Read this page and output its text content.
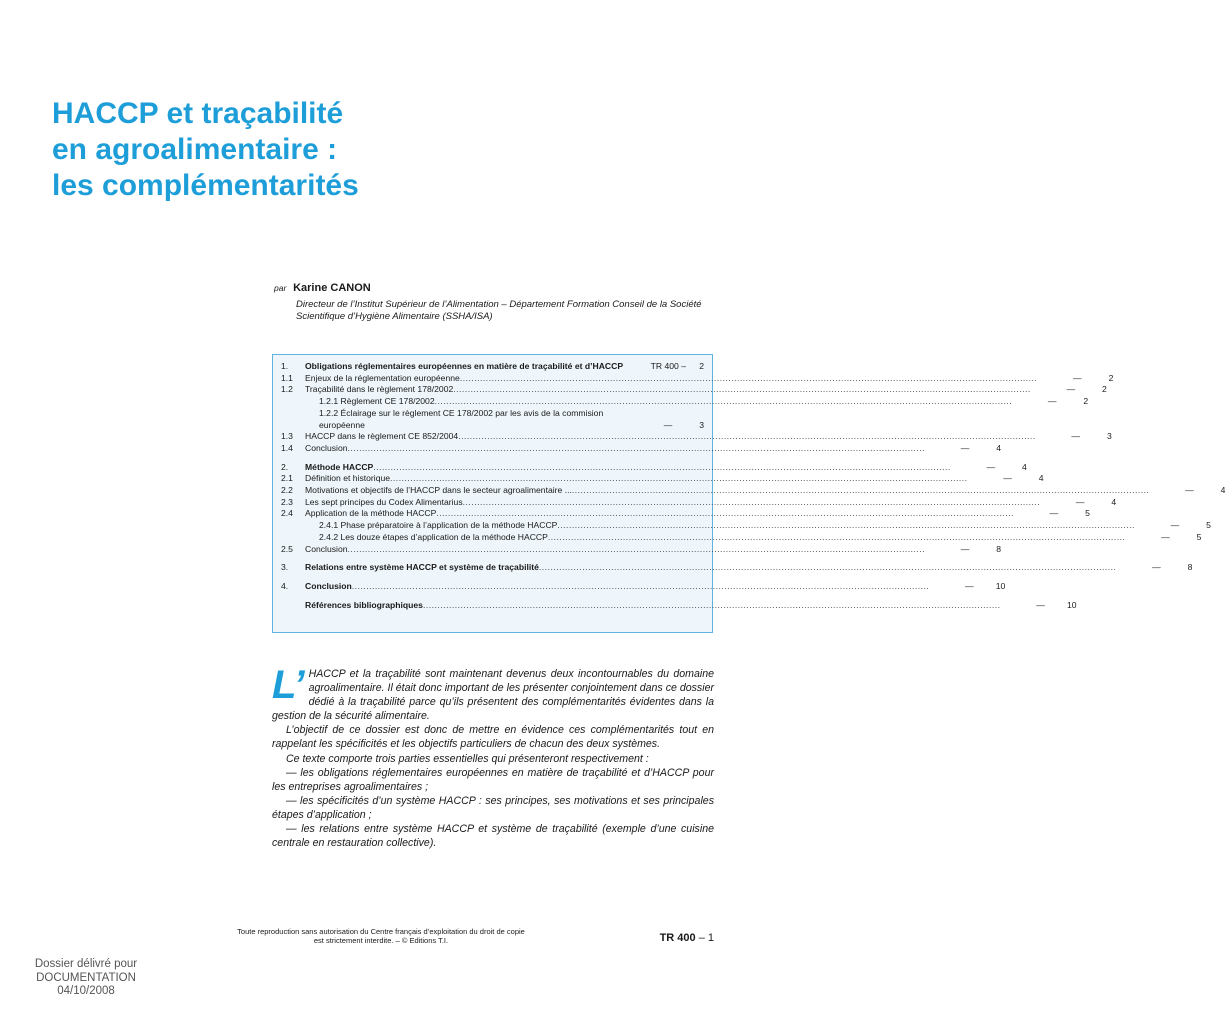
HACCP et traçabilité
en agroalimentaire :
les complémentarités
par Karine CANON
Directeur de l’Institut Supérieur de l’Alimentation – Département Formation Conseil de la Société Scientifique d’Hygiène Alimentaire (SSHA/ISA)
1.	Obligations réglementaires européennes en matière de traçabilité et d’HACCP	TR 400 – 2
1.1	Enjeux de la réglementation européenne ........................................................................................................................................................................................................	—	2
1.2	Traçabilité dans le règlement 178/2002 ........................................................................................................................................................................................................	—	2
1.2.1 Règlement CE 178/2002 ........................................................................................................................................................................................................	—	2
1.2.2 Éclairage sur le règlement CE 178/2002 par les avis de la commision européenne	—	3
1.3	HACCP dans le règlement CE 852/2004 ........................................................................................................................................................................................................	—	3
1.4	Conclusion ........................................................................................................................................................................................................	—	4
2.	Méthode HACCP ........................................................................................................................................................................................................	—	4
2.1	Définition et historique ........................................................................................................................................................................................................	—	4
2.2	Motivations et objectifs de l’HACCP dans le secteur agroalimentaire ... ........................................................................................................................................................................................................	—	4
2.3	Les sept principes du Codex Alimentarius ........................................................................................................................................................................................................	—	4
2.4	Application de la méthode HACCP ........................................................................................................................................................................................................	—	5
2.4.1 Phase préparatoire à l’application de la méthode HACCP ........................................................................................................................................................................................................	—	5
2.4.2 Les douze étapes d’application de la méthode HACCP ........................................................................................................................................................................................................	—	5
2.5	Conclusion ........................................................................................................................................................................................................	—	8
3.	Relations entre système HACCP et système de traçabilité ........................................................................................................................................................................................................	—	8
4.	Conclusion ........................................................................................................................................................................................................	—	10
Références bibliographiques ........................................................................................................................................................................................................	—	10
L’ HACCP et la traçabilité sont maintenant devenus deux incontournables du domaine agroalimentaire. Il était donc important de les présenter conjointement dans ce dossier dédié à la traçabilité parce qu’ils présentent des complémentarités évidentes dans la gestion de la sécurité alimentaire.

L’objectif de ce dossier est donc de mettre en évidence ces complémentarités tout en rappelant les spécificités et les objectifs particuliers de chacun des deux systèmes.

Ce texte comporte trois parties essentielles qui présenteront respectivement :

— les obligations réglementaires européennes en matière de traçabilité et d’HACCP pour les entreprises agroalimentaires ;

— les spécificités d’un système HACCP : ses principes, ses motivations et ses principales étapes d’application ;

— les relations entre système HACCP et système de traçabilité (exemple d’une cuisine centrale en restauration collective).

Toute reproduction sans autorisation du Centre français d’exploitation du droit de copie
est strictement interdite. – © Editions T.I.	TR 400 – 1
Dossier délivré pour
DOCUMENTATION
04/10/2008
